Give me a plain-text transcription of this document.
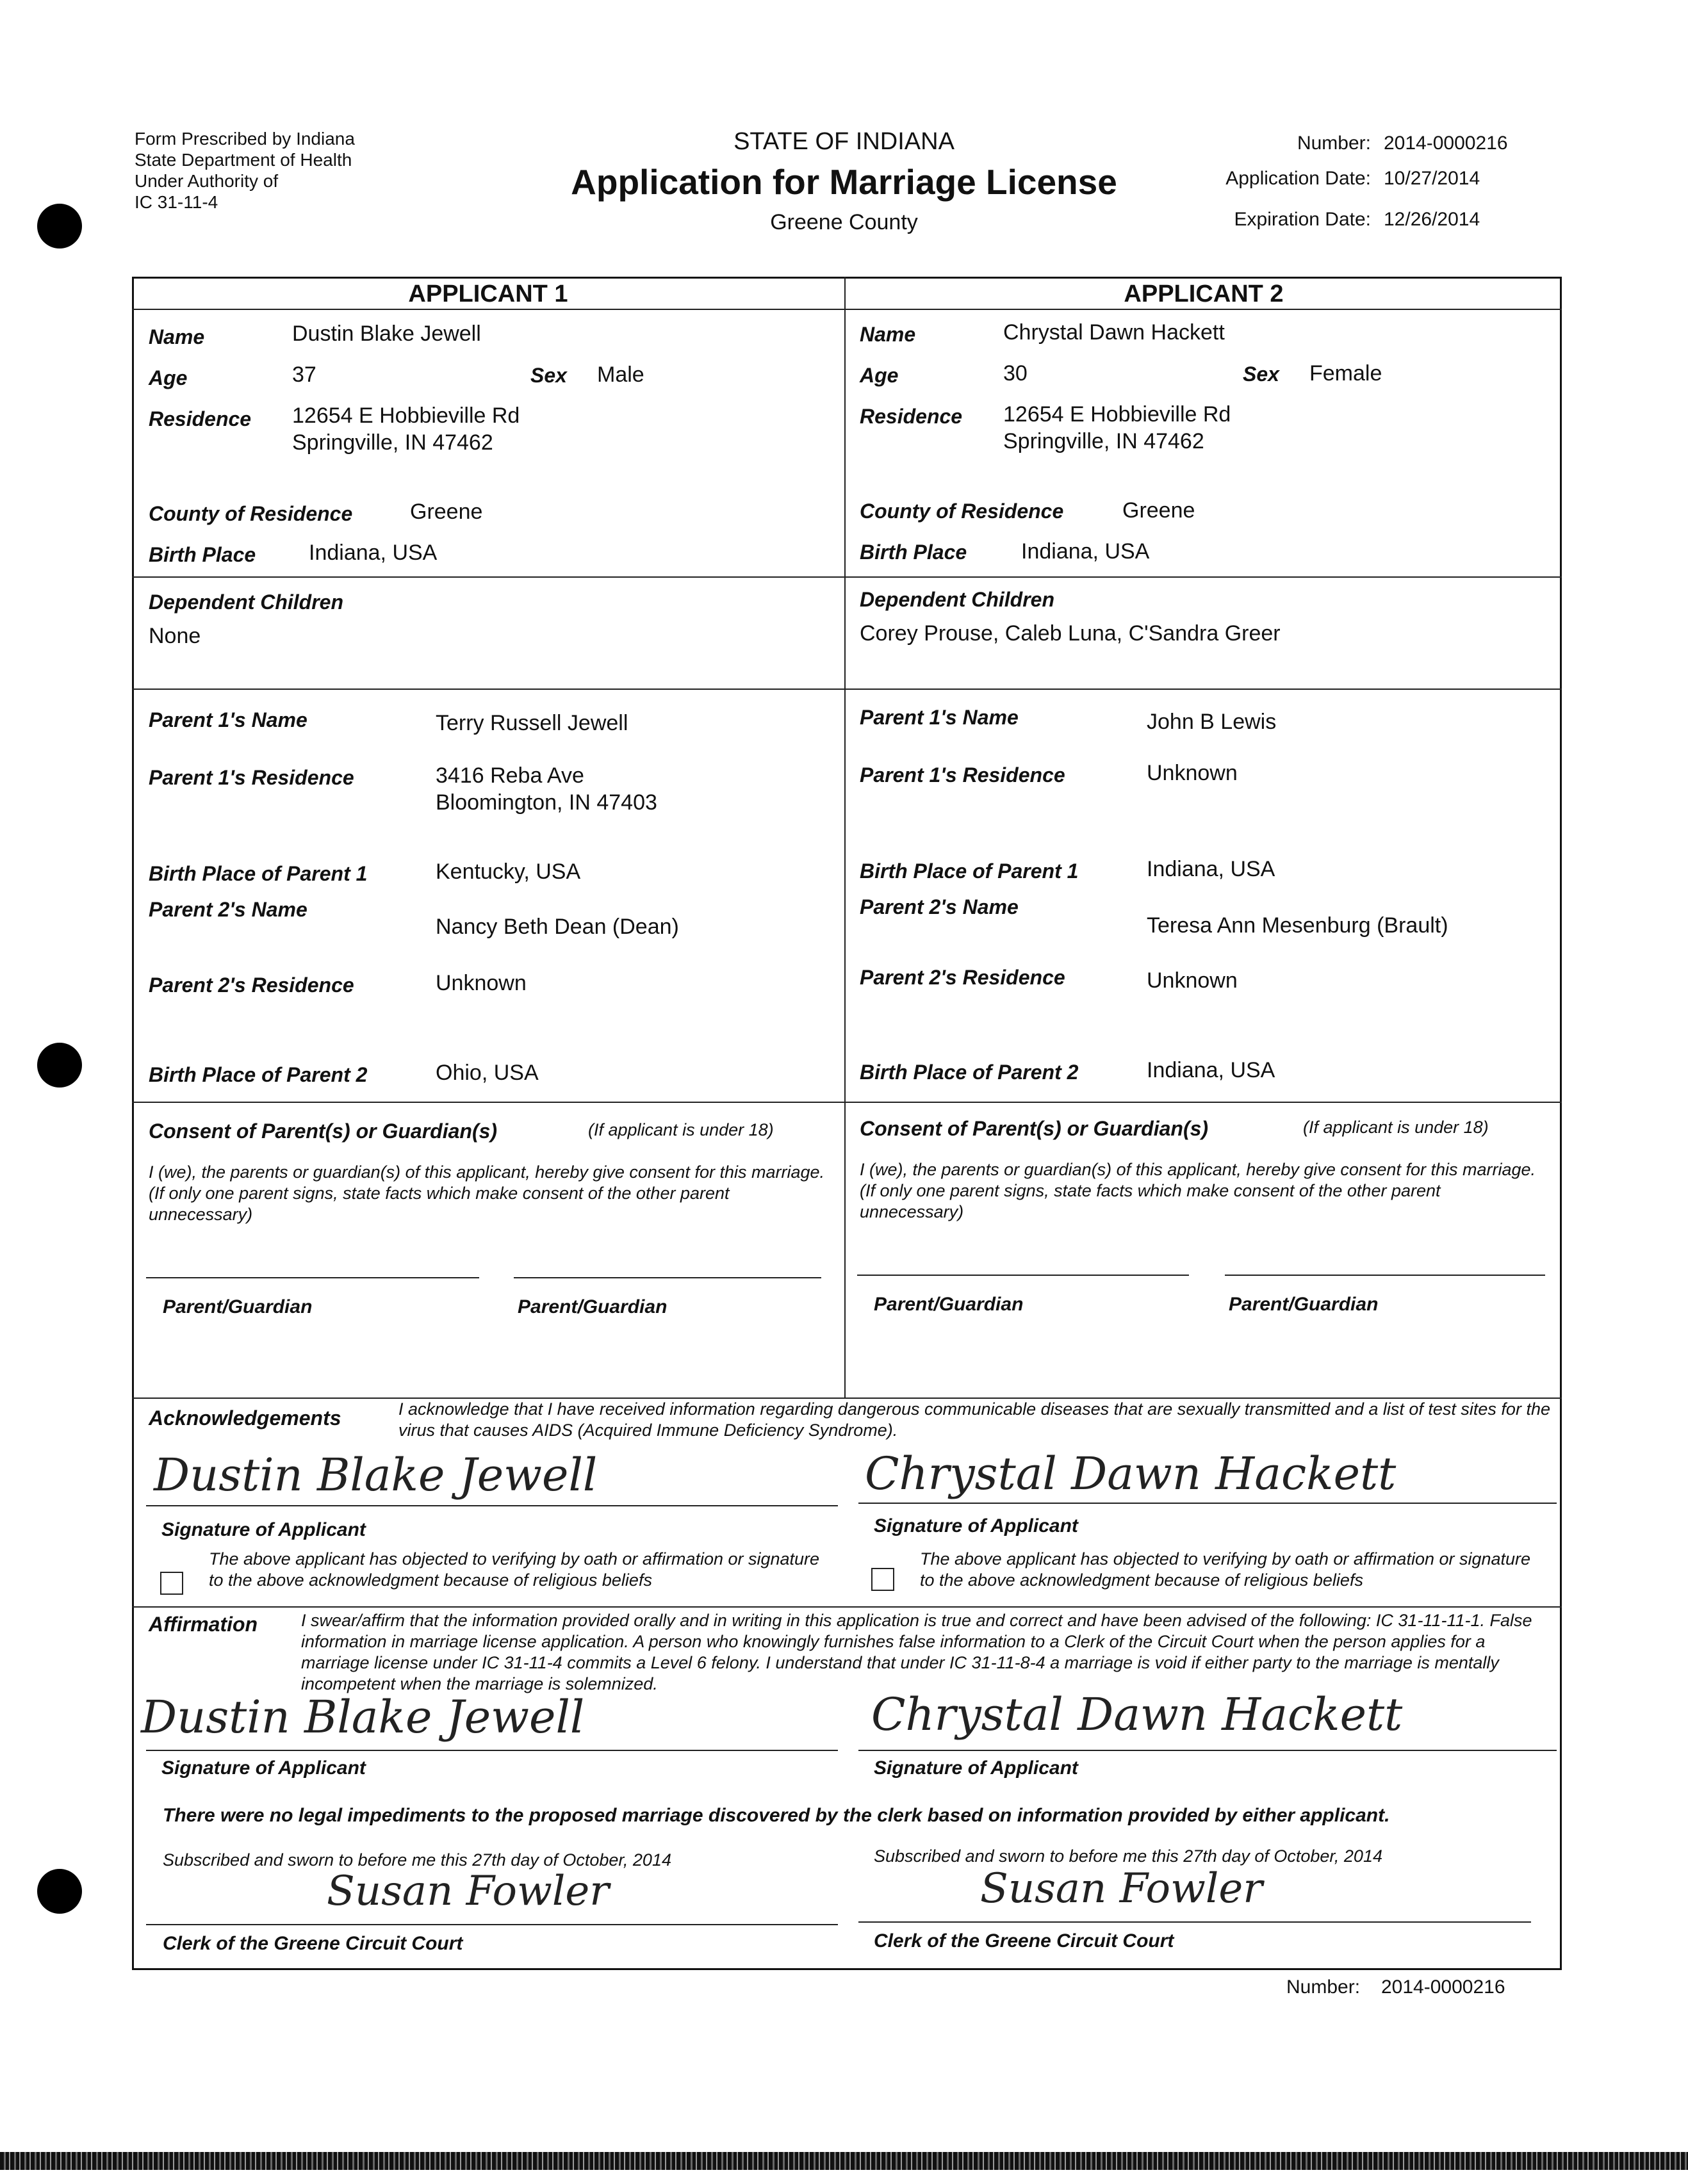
Form Prescribed by Indiana
State Department of Health
Under Authority of
IC 31-11-4
STATE OF INDIANA
Application for Marriage License
Greene County
Number: 2014-0000216
Application Date: 10/27/2014
Expiration Date: 12/26/2014
APPLICANT 1	APPLICANT 2
Name	Dustin Blake Jewell
Age	37	Sex Male
Residence 12654 E Hobbieville Rd
Springville, IN 47462
County of Residence	Greene
Birth Place Indiana, USA
Dependent Children
None
Parent 1's Name	Terry Russell Jewell
Parent 1's Residence	3416 Reba Ave
Bloomington, IN 47403
Birth Place of Parent 1	Kentucky, USA
Parent 2's Name
Nancy Beth Dean (Dean)
Parent 2's Residence	Unknown
Birth Place of Parent 2	Ohio, USA
Consent of Parent(s) or Guardian(s)	(If applicant is under 18)
I (we), the parents or guardian(s) of this applicant, hereby give consent for this marriage. (If only one parent signs, state facts which make consent of the other parent unnecessary)
Parent/Guardian	Parent/Guardian
Name	Chrystal Dawn Hackett
Age	30	Sex Female
Residence 12654 E Hobbieville Rd
Springville, IN 47462
County of Residence	Greene
Birth Place Indiana, USA
Dependent Children
Corey Prouse, Caleb Luna, C'Sandra Greer
Parent 1's Name	John B Lewis
Parent 1's Residence	Unknown
Birth Place of Parent 1	Indiana, USA
Parent 2's Name
Teresa Ann Mesenburg (Brault)
Parent 2's Residence	Unknown
Birth Place of Parent 2	Indiana, USA
Consent of Parent(s) or Guardian(s)	(If applicant is under 18)
I (we), the parents or guardian(s) of this applicant, hereby give consent for this marriage. (If only one parent signs, state facts which make consent of the other parent unnecessary)
Parent/Guardian	Parent/Guardian
Acknowledgements	I acknowledge that I have received information regarding dangerous communicable diseases that are sexually transmitted and a list of test sites for the virus that causes AIDS (Acquired Immune Deficiency Syndrome).
Dustin Blake Jewell
Signature of Applicant
The above applicant has objected to verifying by oath or affirmation or signature to the above acknowledgment because of religious beliefs
Chrystal Dawn Hackett
Signature of Applicant
The above applicant has objected to verifying by oath or affirmation or signature to the above acknowledgment because of religious beliefs
Affirmation	I swear/affirm that the information provided orally and in writing in this application is true and correct and have been advised of the following: IC 31-11-11-1. False information in marriage license application. A person who knowingly furnishes false information to a Clerk of the Circuit Court when the person applies for a marriage license under IC 31-11-4 commits a Level 6 felony. I understand that under IC 31-11-8-4 a marriage is void if either party to the marriage is mentally incompetent when the marriage is solemnized.
Dustin Blake Jewell
Signature of Applicant
Chrystal Dawn Hackett
Signature of Applicant
There were no legal impediments to the proposed marriage discovered by the clerk based on information provided by either applicant.
Subscribed and sworn to before me this 27th day of October, 2014
Susan Fowler
Clerk of the Greene Circuit Court
Subscribed and sworn to before me this 27th day of October, 2014
Susan Fowler
Clerk of the Greene Circuit Court
Number: 2014-0000216
